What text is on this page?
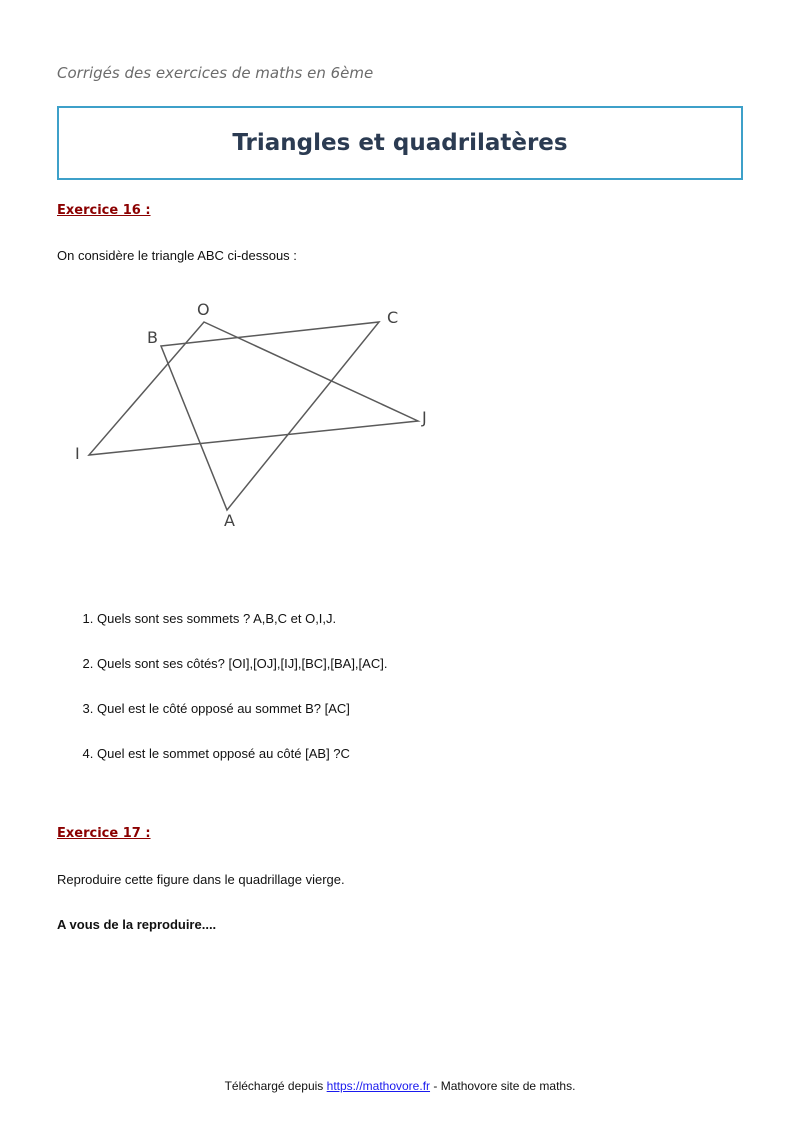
Corrigés des exercices de maths en 6ème
Triangles et quadrilatères
Exercice 16 :
On considère le triangle ABC ci-dessous :
O	C
B
J
I
A
1. Quels sont ses sommets ? A,B,C et O,I,J.
2. Quels sont ses côtés? [OI],[OJ],[IJ],[BC],[BA],[AC].
3. Quel est le côté opposé au sommet B? [AC]
4. Quel est le sommet opposé au côté [AB] ?C
Exercice 17 :
Reproduire cette figure dans le quadrillage vierge.
A vous de la reproduire....
Téléchargé depuis https://mathovore.fr - Mathovore site de maths.
